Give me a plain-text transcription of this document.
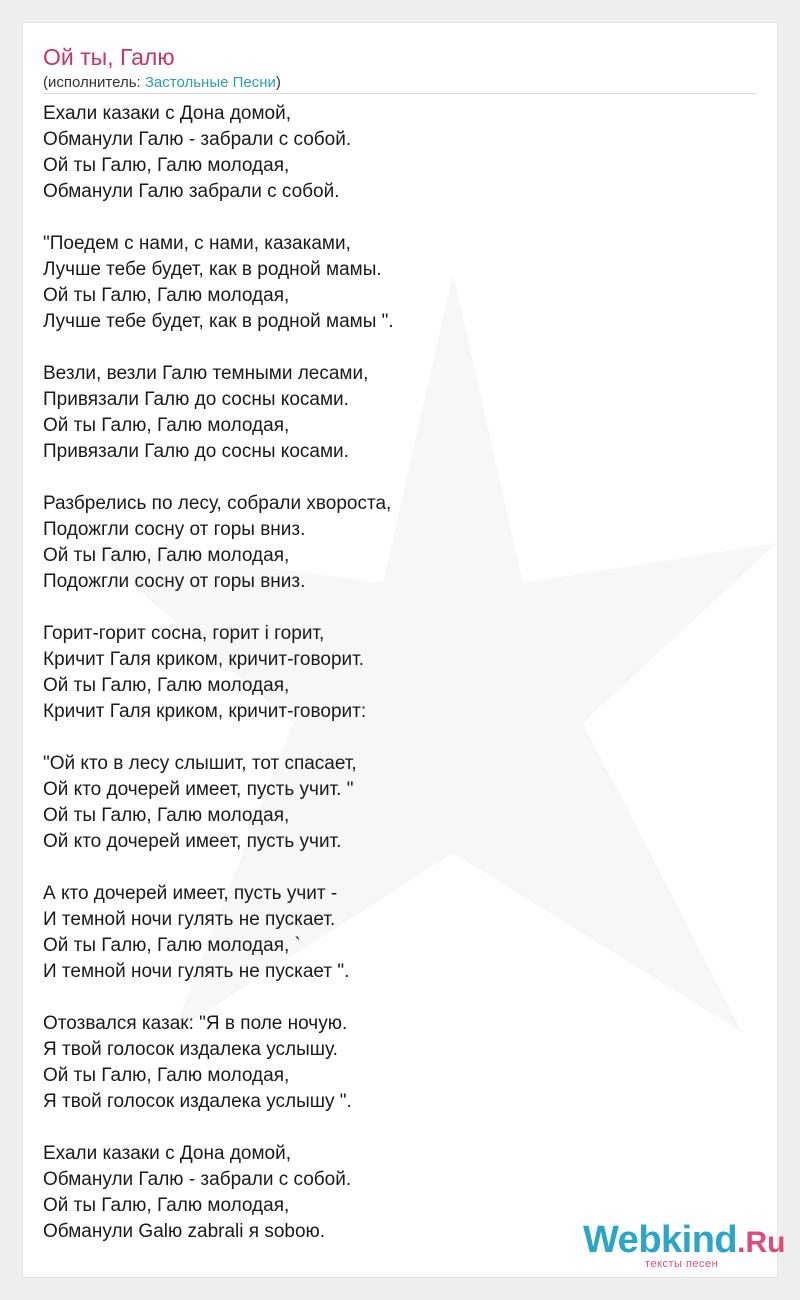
Ой ты, Галю
(исполнитель: Застольные Песни)
Ехали казаки с Дона домой,
Обманули Галю - забрали с собой.
Ой ты Галю, Галю молодая,
Обманули Галю забрали с собой.
"Поедем с нами, с нами, казаками,
Лучше тебе будет, как в родной мамы.
Ой ты Галю, Галю молодая,
Лучше тебе будет, как в родной мамы ".
Везли, везли Галю темными лесами,
Привязали Галю до сосны косами.
Ой ты Галю, Галю молодая,
Привязали Галю до сосны косами.
Разбрелись по лесу, собрали хвороста,
Подожгли сосну от горы вниз.
Ой ты Галю, Галю молодая,
Подожгли сосну от горы вниз.
Горит-горит сосна, горит і горит,
Кричит Галя криком, кричит-говорит.
Ой ты Галю, Галю молодая,
Кричит Галя криком, кричит-говорит:
"Ой кто в лесу слышит, тот спасает,
Ой кто дочерей имеет, пусть учит. "
Ой ты Галю, Галю молодая,
Ой кто дочерей имеет, пусть учит.
А кто дочерей имеет, пусть учит -
И темной ночи гулять не пускает.
Ой ты Галю, Галю молодая, `
И темной ночи гулять не пускает ".
Отозвался казак: "Я в поле ночую.
Я твой голосок издалека услышу.
Ой ты Галю, Галю молодая,
Я твой голосок издалека услышу ".
Ехали казаки с Дона домой,
Обманули Галю - забрали с собой.
Ой ты Галю, Галю молодая,
Обманули Galю zabrali я soboю.	Webkind.Ru
тексты песен
